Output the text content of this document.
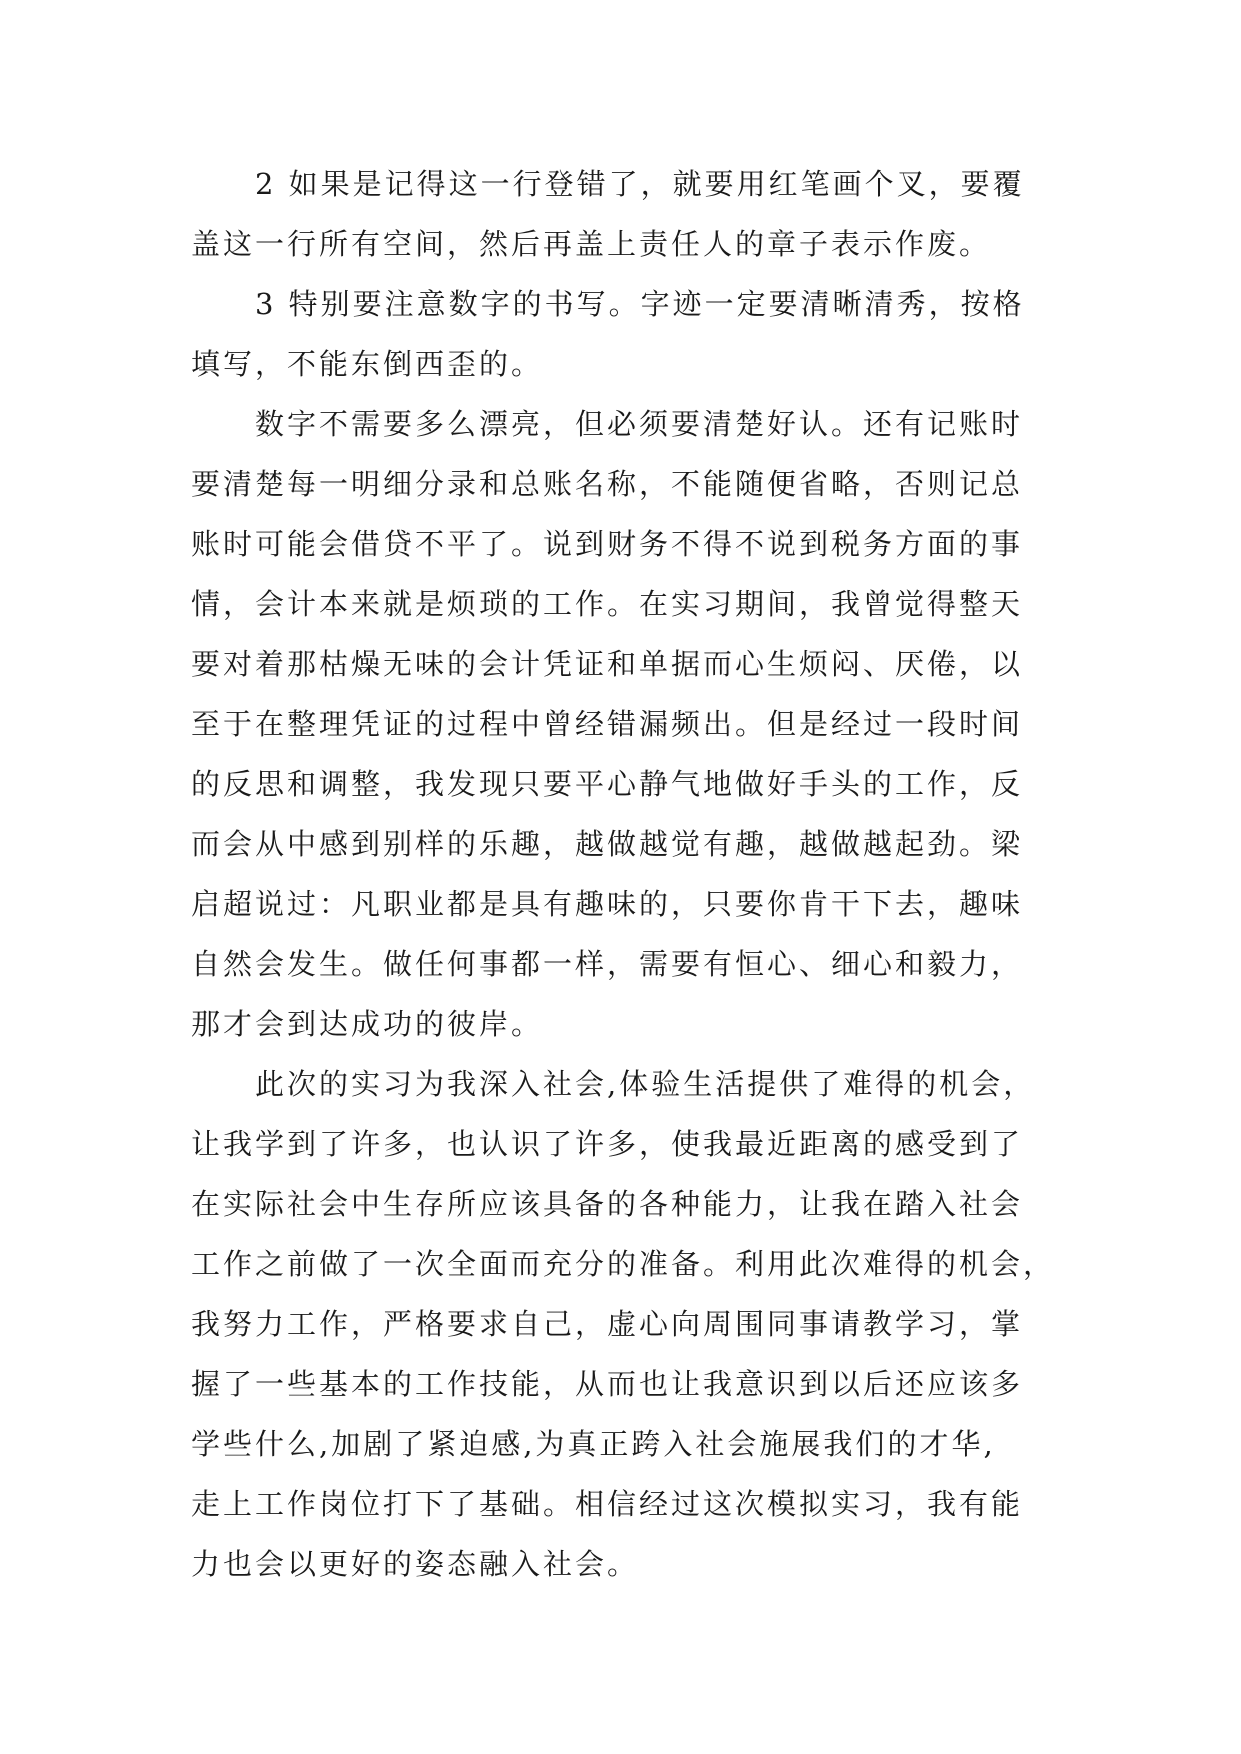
2 如果是记得这一行登错了，就要用红笔画个叉，要覆
盖这一行所有空间，然后再盖上责任人的章子表示作废。

3 特别要注意数字的书写。字迹一定要清晰清秀，按格
填写，不能东倒西歪的。

数字不需要多么漂亮，但必须要清楚好认。还有记账时
要清楚每一明细分录和总账名称，不能随便省略，否则记总
账时可能会借贷不平了。说到财务不得不说到税务方面的事
情，会计本来就是烦琐的工作。在实习期间，我曾觉得整天
要对着那枯燥无味的会计凭证和单据而心生烦闷、厌倦，以
至于在整理凭证的过程中曾经错漏频出。但是经过一段时间
的反思和调整，我发现只要平心静气地做好手头的工作，反
而会从中感到别样的乐趣，越做越觉有趣，越做越起劲。梁
启超说过：凡职业都是具有趣味的，只要你肯干下去，趣味
自然会发生。做任何事都一样，需要有恒心、细心和毅力，
那才会到达成功的彼岸。

此次的实习为我深入社会,体验生活提供了难得的机会，
让我学到了许多，也认识了许多，使我最近距离的感受到了
在实际社会中生存所应该具备的各种能力，让我在踏入社会
工作之前做了一次全面而充分的准备。利用此次难得的机会，
我努力工作，严格要求自己，虚心向周围同事请教学习，掌
握了一些基本的工作技能，从而也让我意识到以后还应该多
学些什么,加剧了紧迫感,为真正跨入社会施展我们的才华,
走上工作岗位打下了基础。相信经过这次模拟实习，我有能
力也会以更好的姿态融入社会。
